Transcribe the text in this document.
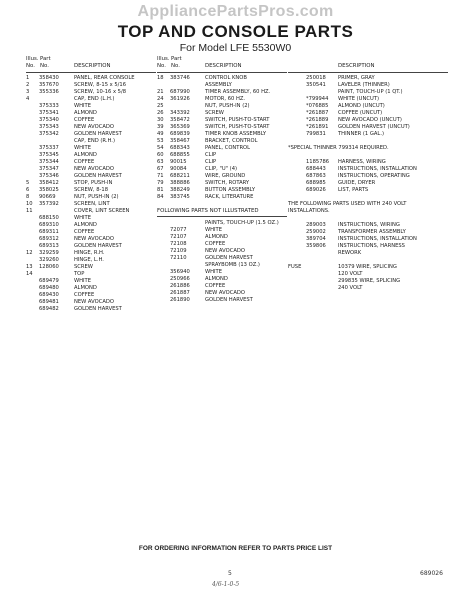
AppliancePartsPros.com
TOP AND CONSOLE PARTS
For Model LFE 5530W0
Illus.
No.
Part
No.	DESCRIPTION
1	358430	PANEL, REAR CONSOLE
2	357670	SCREW, 8-15 x 5/16
3	355336	SCREW, 10-16 x 5/8
4	CAP, END (L.H.)
375333	WHITE
375341	ALMOND
375340	COFFEE
375343	NEW AVOCADO
375342	GOLDEN HARVEST
CAP, END (R.H.)
375337	WHITE
375345	ALMOND
375344	COFFEE
375347	NEW AVOCADO
375346	GOLDEN HARVEST
5	358412	STOP, PUSH-IN
6	358025	SCREW, 8-18
8	90669	NUT, PUSH-IN (2)
10	357392	SCREEN, LINT
11	COVER, LINT SCREEN
688150	WHITE
689310	ALMOND
689311	COFFEE
689312	NEW AVOCADO
689313	GOLDEN HARVEST
12	329259	HINGE, R.H.
329260	HINGE, L.H.
13	128060	SCREW
14	TOP
689479	WHITE
689480	ALMOND
689430	COFFEE
689481	NEW AVOCADO
689482	GOLDEN HARVEST
Illus.
No.
Part
No.	DESCRIPTION
18	383746	CONTROL KNOB
ASSEMBLY
21	687990	TIMER ASSEMBLY, 60 HZ.
24	361926	MOTOR, 60 HZ.
25	NUT, PUSH-IN (2)
26	343392	SCREW
30	358472	SWITCH, PUSH-TO-START
39	365369	SWITCH, PUSH-TO-START
49	689839	TIMER KNOB ASSEMBLY
53	358467	BRACKET, CONTROL
54	688343	PANEL, CONTROL
60	688855	CLIP
63	90015	CLIP
67	90084	CLIP, "U" (4)
71	688211	WIRE, GROUND
79	388886	SWITCH, ROTARY
81	388249	BUTTON ASSEMBLY
84	383745	RACK, LITERATURE
FOLLOWING PARTS NOT ILLUSTRATED
PAINTS, TOUCH-UP (1.5 OZ.)
72077	WHITE
72107	ALMOND
72108	COFFEE
72109	NEW AVOCADO
72110	GOLDEN HARVEST
SPRAYBOMB (13 OZ.)
356940	WHITE
250966	ALMOND
261886	COFFEE
261887	NEW AVOCADO
261890	GOLDEN HARVEST
DESCRIPTION
250018	PRIMER, GRAY
350541	LAVELER (THINNER)
PAINT, TOUCH-UP (1 QT.)
*799944	WHITE (UNCUT)
*076885	ALMOND (UNCUT)
*261887	COFFEE (UNCUT)
*261889	NEW AVOCADO (UNCUT)
*261891	GOLDEN HARVEST (UNCUT)
799831	THINNER (1 GAL.)
*SPECIAL THINNER 799314 REQUIRED.
1185786	HARNESS, WIRING
688443	INSTRUCTIONS, INSTALLATION
687863	INSTRUCTIONS, OPERATING
688985	GUIDE, DRYER
689026	LIST, PARTS
THE FOLLOWING PARTS USED WITH 240 VOLT INSTALLATIONS.
289003	INSTRUCTIONS, WIRING
259002	TRANSFORMER ASSEMBLY
389704	INSTRUCTIONS, INSTALLATION
359806	INSTRUCTIONS, HARNESS
REWORK
FUSE	10379 WIRE, SPLICING
120 VOLT
299835 WIRE, SPLICING
240 VOLT
FOR ORDERING INFORMATION REFER TO PARTS PRICE LIST
5	689026
4/6-1-0-5
